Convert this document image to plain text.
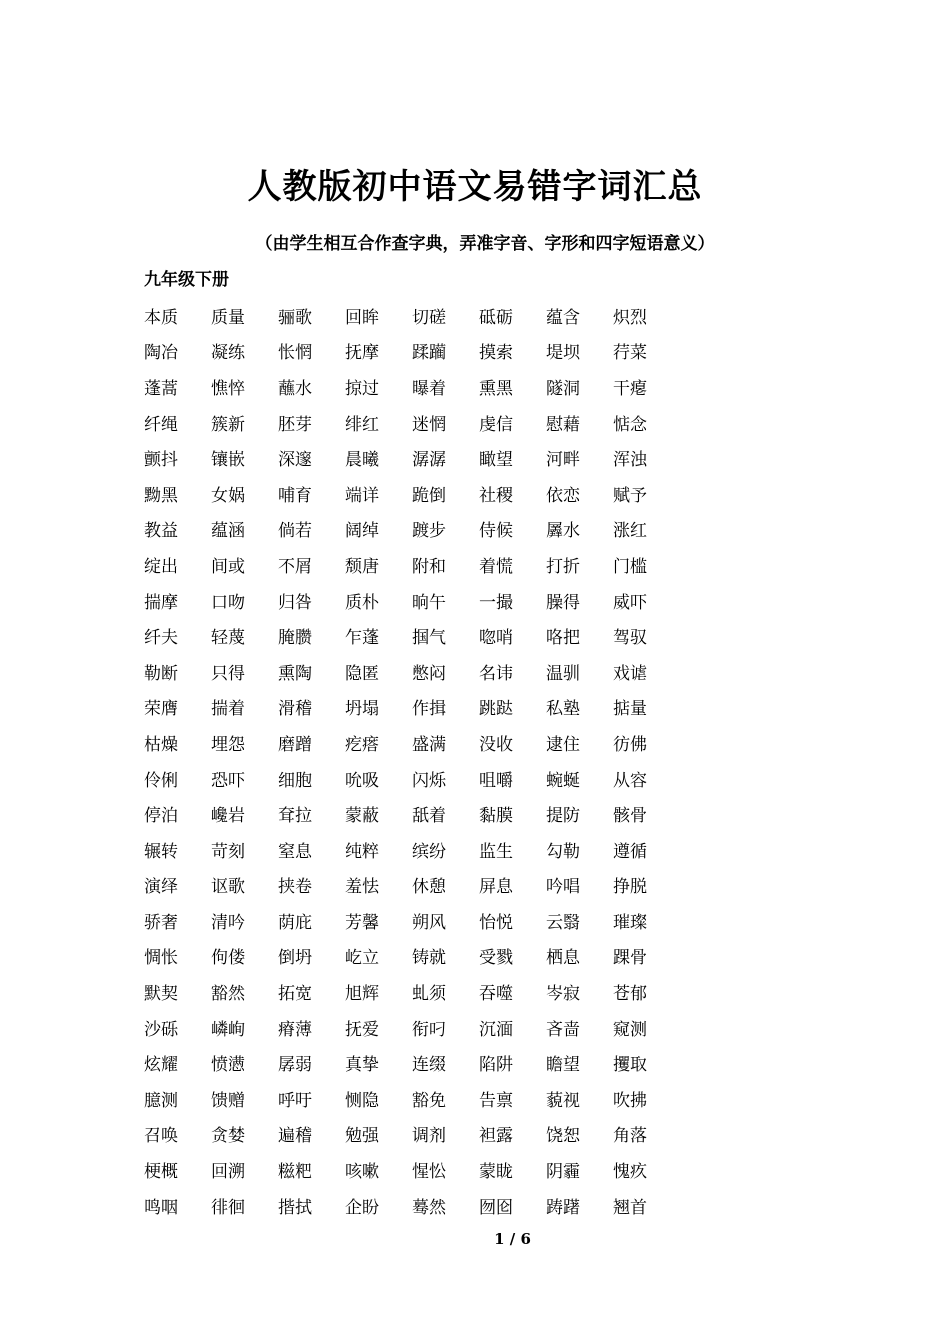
人教版初中语文易错字词汇总
（由学生相互合作查字典，弄准字音、字形和四字短语意义）
九年级下册
本质	质量	骊歌	回眸	切磋	砥砺	蕴含	炽烈
陶冶	凝练	怅惘	抚摩	蹂躏	摸索	堤坝	荇菜
蓬蒿	憔悴	蘸水	掠过	曝着	熏黑	隧洞	干瘪
纤绳	簇新	胚芽	绯红	迷惘	虔信	慰藉	惦念
颤抖	镶嵌	深邃	晨曦	潺潺	瞰望	河畔	浑浊
黝黑	女娲	哺育	端详	跪倒	社稷	依恋	赋予
教益	蕴涵	倘若	阔绰	踱步	侍候	羼水	涨红
绽出	间或	不屑	颓唐	附和	着慌	打折	门槛
揣摩	口吻	归咎	质朴	晌午	一撮	臊得	威吓
纤夫	轻蔑	腌臜	乍蓬	掴气	唿哨	咯把	驾驭
勒断	只得	熏陶	隐匿	憋闷	名讳	温驯	戏谑
荣膺	揣着	滑稽	坍塌	作揖	跳跶	私塾	掂量
枯燥	埋怨	磨蹭	疙瘩	盛满	没收	逮住	彷佛
伶俐	恐吓	细胞	吮吸	闪烁	咀嚼	蜿蜒	从容
停泊	巉岩	耷拉	蒙蔽	舐着	黏膜	提防	骸骨
辗转	苛刻	窒息	纯粹	缤纷	监生	勾勒	遵循
演绎	讴歌	挟卷	羞怯	休憩	屏息	吟唱	挣脱
骄奢	清吟	荫庇	芳馨	朔风	怡悦	云翳	璀璨
惆怅	佝偻	倒坍	屹立	铸就	受戮	栖息	踝骨
默契	豁然	拓宽	旭辉	虬须	吞噬	岑寂	苍郁
沙砾	嶙峋	瘠薄	抚爱	衔叼	沉湎	吝啬	窥测
炫耀	愤懑	孱弱	真挚	连缀	陷阱	瞻望	攫取
臆测	馈赠	呼吁	恻隐	豁免	告禀	藐视	吹拂
召唤	贪婪	遍稽	勉强	调剂	袒露	饶恕	角落
梗概	回溯	糍粑	咳嗽	惺忪	蒙眬	阴霾	愧疚
鸣咽	徘徊	揩拭	企盼	蓦然	囫囵	踌躇	翘首
1 / 6
